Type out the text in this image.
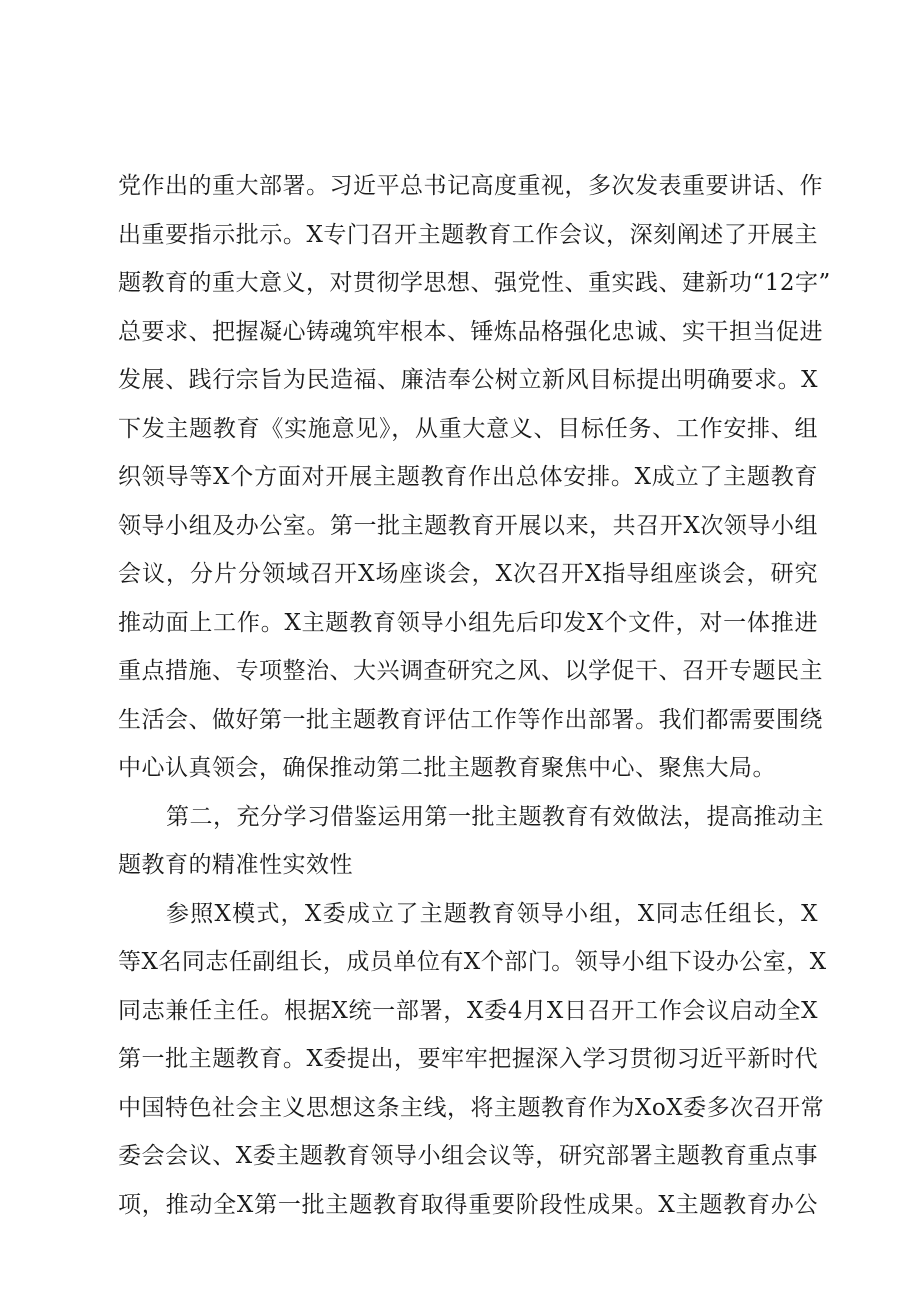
党作出的重大部署。习近平总书记高度重视，多次发表重要讲话、作
出重要指示批示。X专门召开主题教育工作会议，深刻阐述了开展主
题教育的重大意义，对贯彻学思想、强党性、重实践、建新功“12字”
总要求、把握凝心铸魂筑牢根本、锤炼品格强化忠诚、实干担当促进
发展、践行宗旨为民造福、廉洁奉公树立新风目标提出明确要求。X
下发主题教育《实施意见》，从重大意义、目标任务、工作安排、组
织领导等X个方面对开展主题教育作出总体安排。X成立了主题教育
领导小组及办公室。第一批主题教育开展以来，共召开X次领导小组
会议，分片分领域召开X场座谈会，X次召开X指导组座谈会，研究
推动面上工作。X主题教育领导小组先后印发X个文件，对一体推进
重点措施、专项整治、大兴调查研究之风、以学促干、召开专题民主
生活会、做好第一批主题教育评估工作等作出部署。我们都需要围绕
中心认真领会，确保推动第二批主题教育聚焦中心、聚焦大局。
第二，充分学习借鉴运用第一批主题教育有效做法，提高推动主
题教育的精准性实效性
参照X模式，X委成立了主题教育领导小组，X同志任组长，X
等X名同志任副组长，成员单位有X个部门。领导小组下设办公室，X
同志兼任主任。根据X统一部署，X委4月X日召开工作会议启动全X
第一批主题教育。X委提出，要牢牢把握深入学习贯彻习近平新时代
中国特色社会主义思想这条主线，将主题教育作为XoX委多次召开常
委会会议、X委主题教育领导小组会议等，研究部署主题教育重点事
项，推动全X第一批主题教育取得重要阶段性成果。X主题教育办公
